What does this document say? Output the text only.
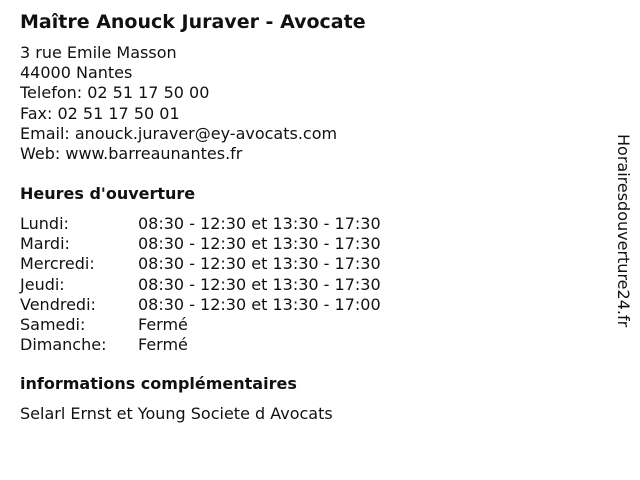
Maître Anouck Juraver - Avocate
3 rue Emile Masson
44000 Nantes
Telefon: 02 51 17 50 00
Fax: 02 51 17 50 01
Email: anouck.juraver@ey-avocats.com
Web: www.barreaunantes.fr
Heures d'ouverture
Lundi:	08:30 - 12:30 et 13:30 - 17:30
Mardi:	08:30 - 12:30 et 13:30 - 17:30
Mercredi:	08:30 - 12:30 et 13:30 - 17:30
Jeudi:	08:30 - 12:30 et 13:30 - 17:30
Vendredi:	08:30 - 12:30 et 13:30 - 17:00
Samedi:	Fermé
Dimanche: Fermé
informations complémentaires
Selarl Ernst et Young Societe d Avocats
Horairesdouverture24.fr
